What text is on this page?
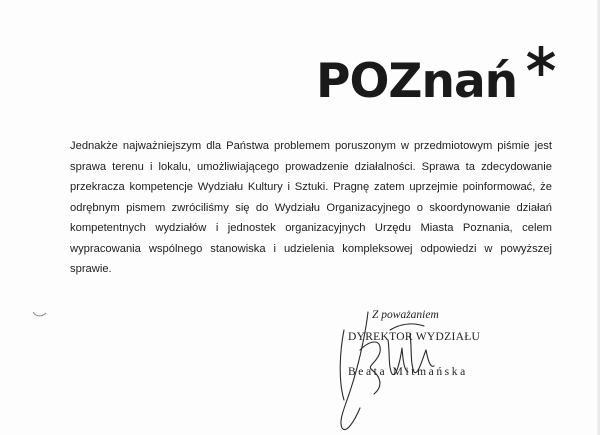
POZnań

Jednakże najważniejszym dla Państwa problemem poruszonym w przedmiotowym piśmie jest sprawa terenu i lokalu, umożliwiającego prowadzenie działalności. Sprawa ta zdecydowanie przekracza kompetencje Wydziału Kultury i Sztuki. Pragnę zatem uprzejmie poinformować, że odrębnym pismem zwróciliśmy się do Wydziału Organizacyjnego o skoordynowanie działań kompetentnych wydziałów i jednostek organizacyjnych Urzędu Miasta Poznania, celem wypracowania wspólnego stanowiska i udzielenia kompleksowej odpowiedzi w powyższej sprawie.

Z poważaniem
DYREKTOR WYDZIAŁU
Beata Mitmańska
